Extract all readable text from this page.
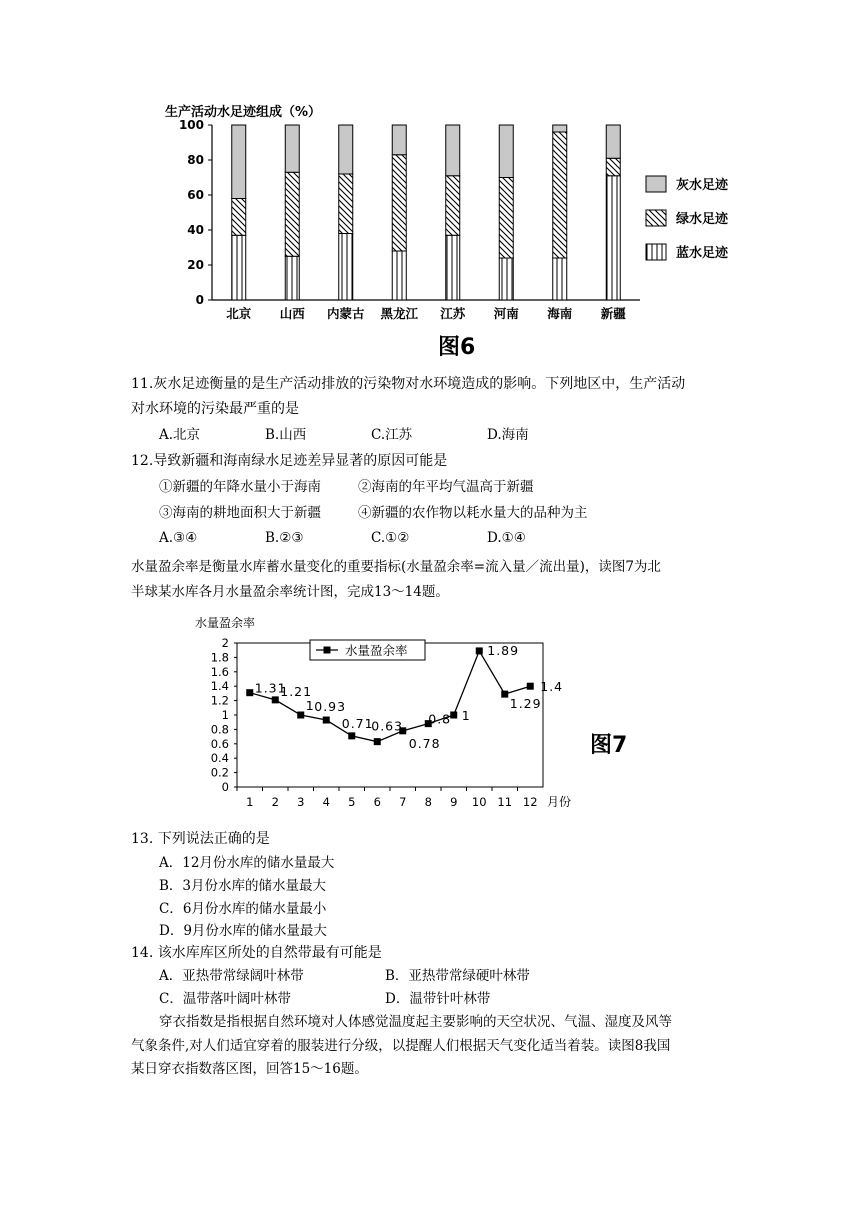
生产活动水足迹组成（%）
0
20
40
60
80
100
北京 山西 内蒙古 黑龙江 江苏 河南 海南 新疆
灰水足迹
绿水足迹
蓝水足迹
图6
11.灰水足迹衡量的是生产活动排放的污染物对水环境造成的影响。下列地区中，生产活动
对水环境的污染最严重的是
A.北京	B.山西	C.江苏	D.海南
12.导致新疆和海南绿水足迹差异显著的原因可能是
①新疆的年降水量小于海南	②海南的年平均气温高于新疆
③海南的耕地面积大于新疆	④新疆的农作物以耗水量大的品种为主
A.③④	B.②③	C.①②	D.①④
水量盈余率是衡量水库蓄水量变化的重要指标(水量盈余率=流入量／流出量)，读图7为北
半球某水库各月水量盈余率统计图，完成13～14题。
水量盈余率
0
0.2
0.4
0.6
0.8
1
1.2
1.4
1.6
1.8
2
1 2 3 4 5 6 7 8 9 10 11 12
水量盈余率
1.31
1.21
1 0.93
0.71
0.63
0.78
0.8 1
1.89
1.29
1.4
月份
图7
13. 下列说法正确的是
A．12月份水库的储水量最大
B．3月份水库的储水量最大
C．6月份水库的储水量最小
D．9月份水库的储水量最大
14. 该水库库区所处的自然带最有可能是
A．亚热带常绿阔叶林带	B．亚热带常绿硬叶林带
C．温带落叶阔叶林带	D．温带针叶林带
穿衣指数是指根据自然环境对人体感觉温度起主要影响的天空状况、气温、湿度及风等
气象条件,对人们适宜穿着的服装进行分级，以提醒人们根据天气变化适当着装。读图8我国
某日穿衣指数落区图，回答15～16题。
